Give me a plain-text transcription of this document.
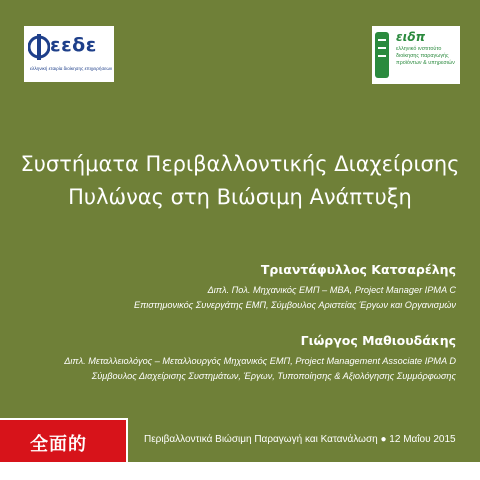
εεδε
ελληνική εταιρία διοίκησης επιχειρήσεων
ειδπ
ελληνικό ινστιτούτο
διοίκησης παραγωγής
προϊόντων & υπηρεσιών
Συστήματα Περιβαλλοντικής Διαχείρισης
Πυλώνας στη Βιώσιμη Ανάπτυξη
Τριαντάφυλλος Κατσαρέλης
Διπλ. Πολ. Μηχανικός ΕΜΠ – MBA, Project Manager IPMA C
Επιστημονικός Συνεργάτης ΕΜΠ, Σύμβουλος Αριστείας Έργων και Οργανισμών
Γιώργος Μαθιουδάκης
Διπλ. Μεταλλειολόγος – Μεταλλουργός Μηχανικός ΕΜΠ, Project Management Associate IPMA D
Σύμβουλος Διαχείρισης Συστημάτων, Έργων, Τυποποίησης & Αξιολόγησης Συμμόρφωσης
全面的	Περιβαλλοντικά Βιώσιμη Παραγωγή και Κατανάλωση ● 12 Μαΐου 2015
